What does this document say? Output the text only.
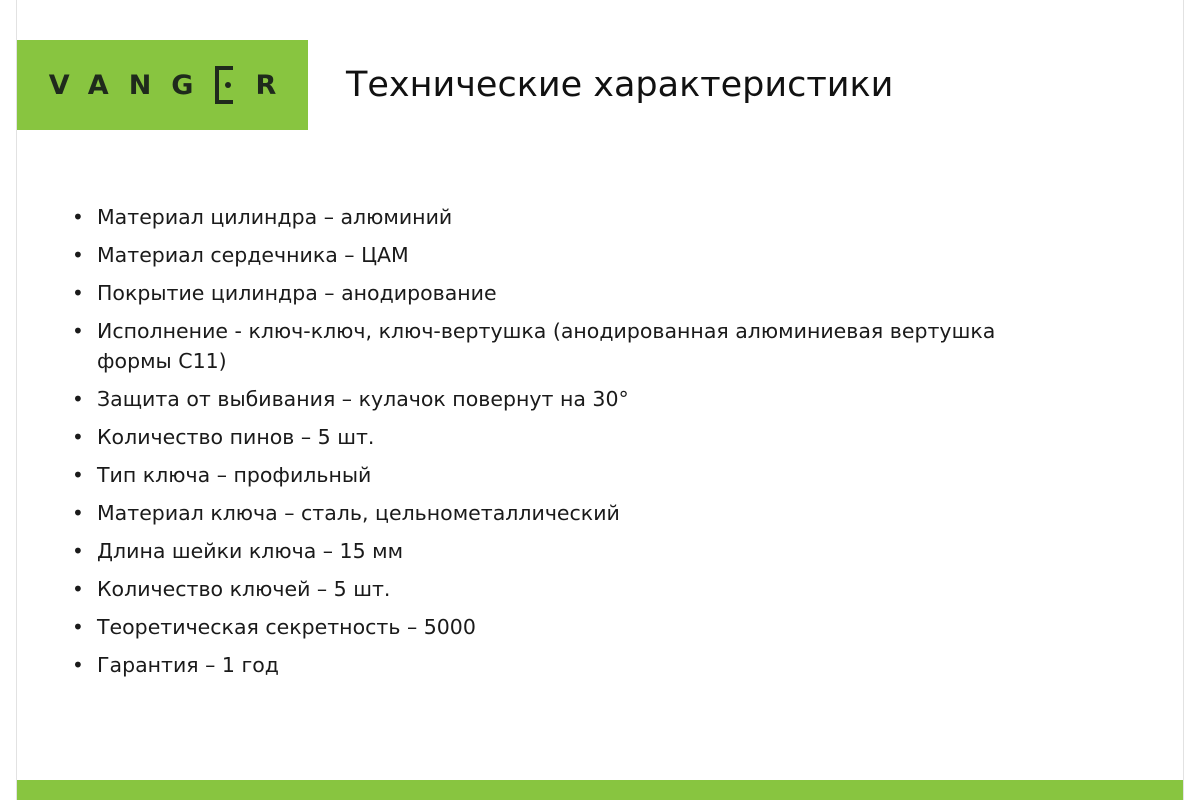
VANG R Технические характеристики
• Материал цилиндра – алюминий
• Материал сердечника – ЦАМ
• Покрытие цилиндра – анодирование
• Исполнение - ключ-ключ, ключ-вертушка (анодированная алюминиевая вертушка формы С11)
• Защита от выбивания – кулачок повернут на 30°
• Количество пинов – 5 шт.
• Тип ключа – профильный
• Материал ключа – сталь, цельнометаллический
• Длина шейки ключа – 15 мм
• Количество ключей – 5 шт.
• Теоретическая секретность – 5000
• Гарантия – 1 год
